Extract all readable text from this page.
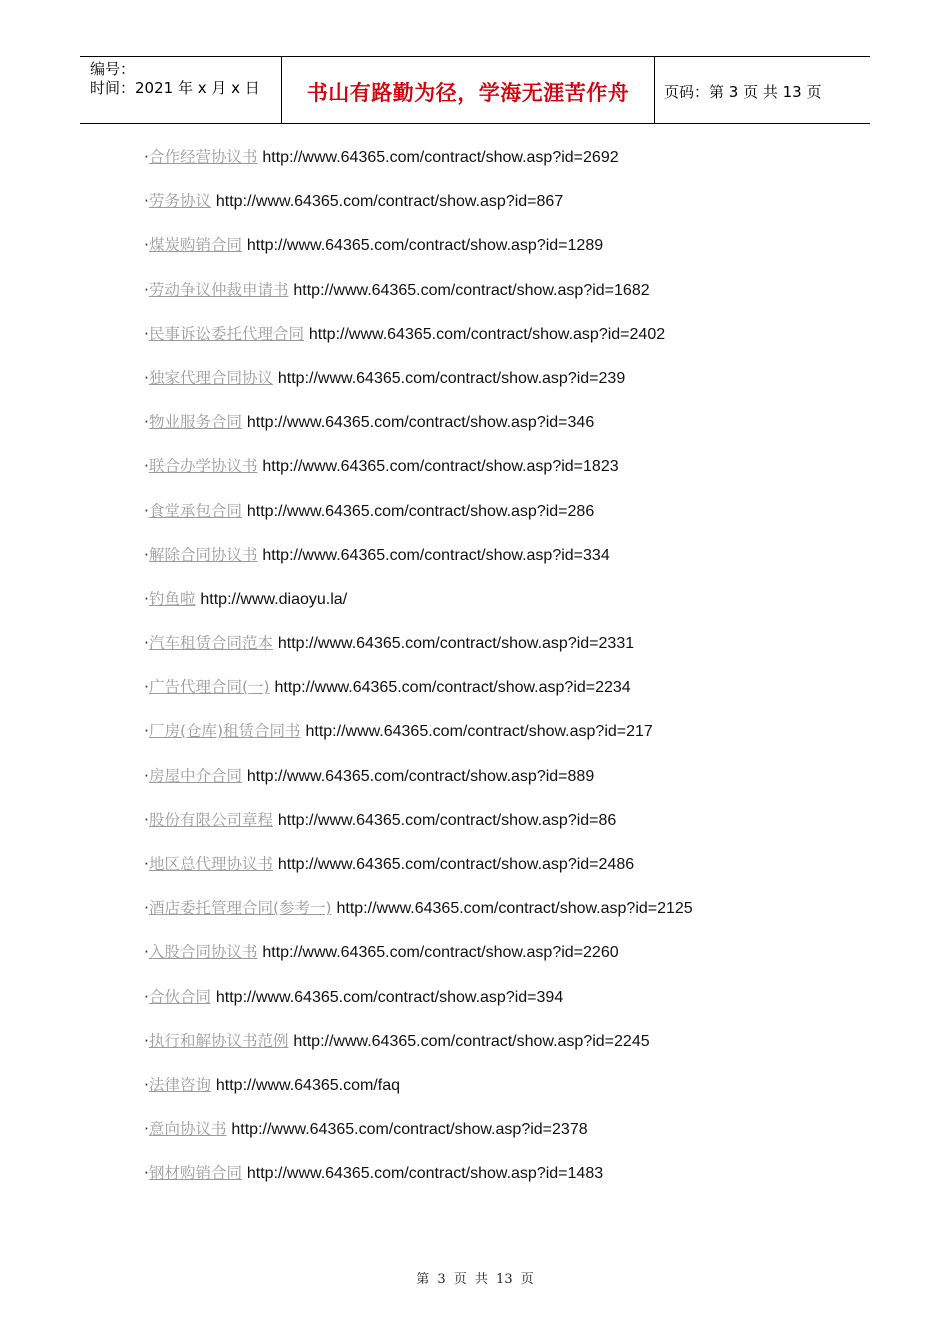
编号：
时间：2021 年 x 月 x 日	书山有路勤为径，学海无涯苦作舟	页码：第 3 页 共 13 页
·合作经营协议书 http://www.64365.com/contract/show.asp?id=2692
·劳务协议 http://www.64365.com/contract/show.asp?id=867
·煤炭购销合同 http://www.64365.com/contract/show.asp?id=1289
·劳动争议仲裁申请书 http://www.64365.com/contract/show.asp?id=1682
·民事诉讼委托代理合同 http://www.64365.com/contract/show.asp?id=2402
·独家代理合同协议 http://www.64365.com/contract/show.asp?id=239
·物业服务合同 http://www.64365.com/contract/show.asp?id=346
·联合办学协议书 http://www.64365.com/contract/show.asp?id=1823
·食堂承包合同 http://www.64365.com/contract/show.asp?id=286
·解除合同协议书 http://www.64365.com/contract/show.asp?id=334
·钓鱼啦 http://www.diaoyu.la/
·汽车租赁合同范本 http://www.64365.com/contract/show.asp?id=2331
·广告代理合同(一) http://www.64365.com/contract/show.asp?id=2234
·厂房(仓库)租赁合同书 http://www.64365.com/contract/show.asp?id=217
·房屋中介合同 http://www.64365.com/contract/show.asp?id=889
·股份有限公司章程 http://www.64365.com/contract/show.asp?id=86
·地区总代理协议书 http://www.64365.com/contract/show.asp?id=2486
·酒店委托管理合同(参考一) http://www.64365.com/contract/show.asp?id=2125
·入股合同协议书 http://www.64365.com/contract/show.asp?id=2260
·合伙合同 http://www.64365.com/contract/show.asp?id=394
·执行和解协议书范例 http://www.64365.com/contract/show.asp?id=2245
·法律咨询 http://www.64365.com/faq
·意向协议书 http://www.64365.com/contract/show.asp?id=2378
·钢材购销合同 http://www.64365.com/contract/show.asp?id=1483
第 3 页 共 13 页
